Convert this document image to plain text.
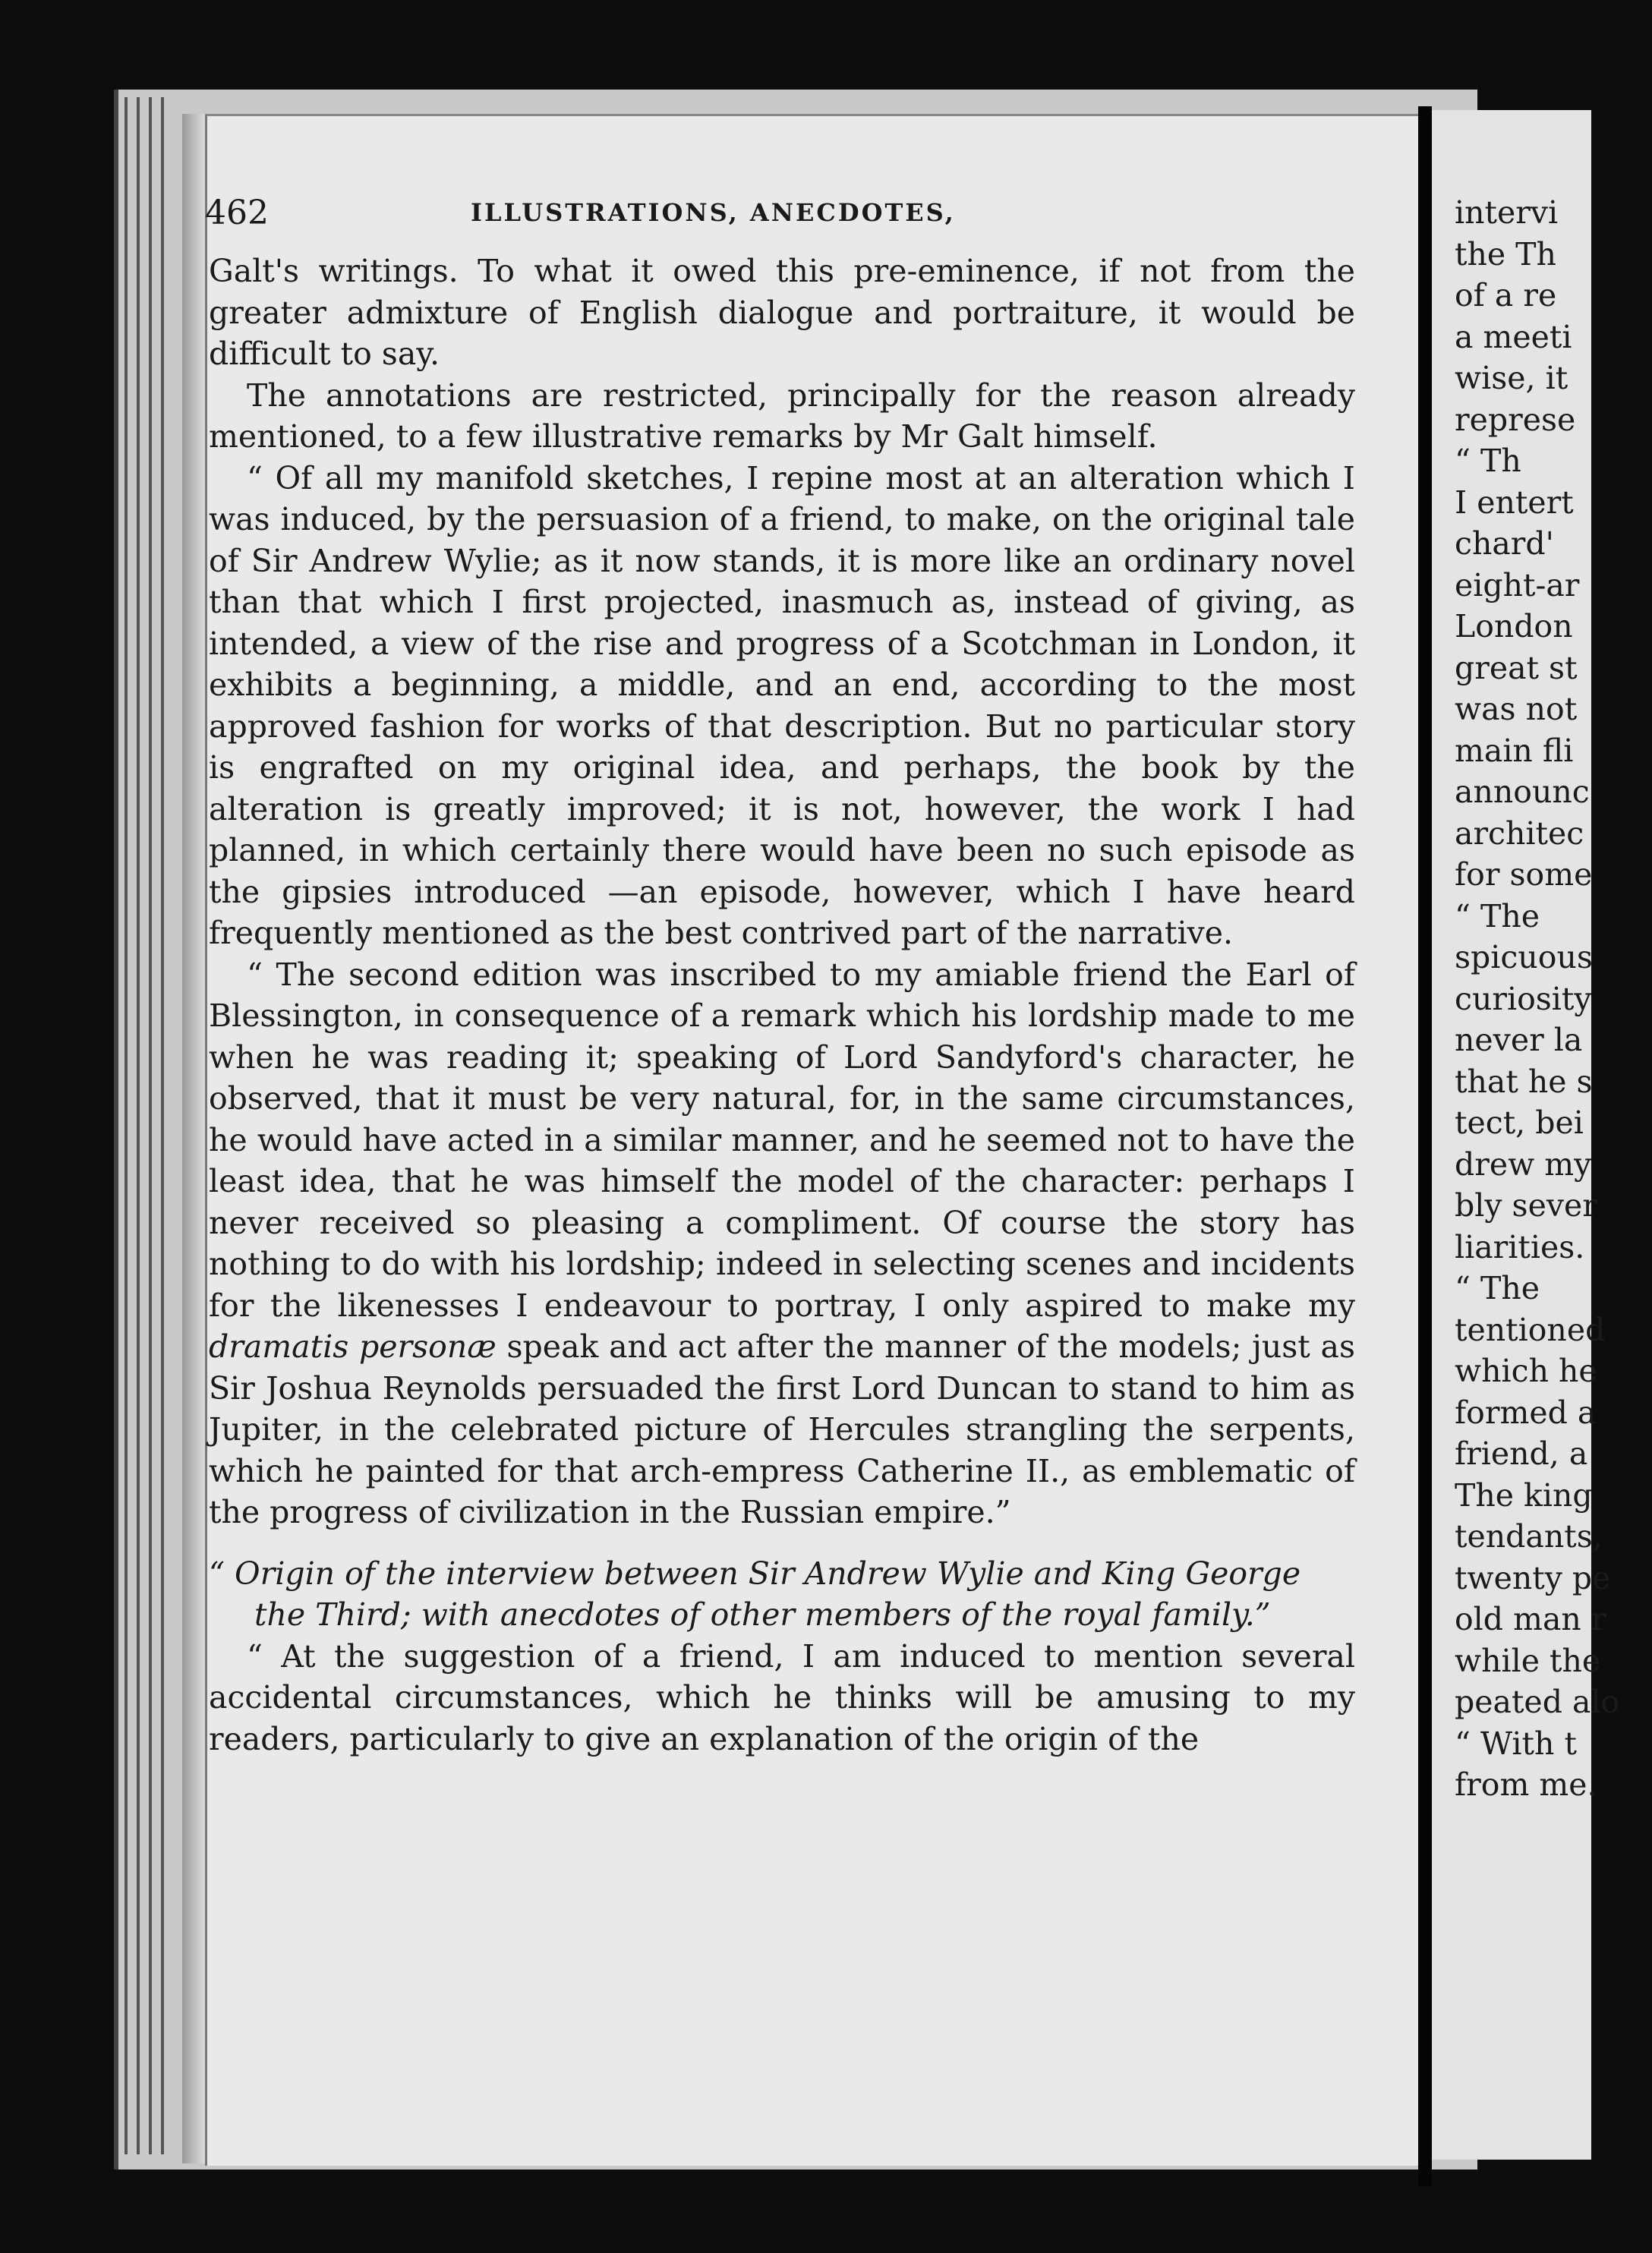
462	ILLUSTRATIONS, ANECDOTES,

Galt's writings. To what it owed this pre-eminence, if not from the greater admixture of English dialogue and portraiture, it would be difficult to say.

The annotations are restricted, principally for the reason already mentioned, to a few illustrative remarks by Mr Galt himself.

“ Of all my manifold sketches, I repine most at an alteration which I was induced, by the persuasion of a friend, to make, on the original tale of Sir Andrew Wylie; as it now stands, it is more like an ordinary novel than that which I first projected, inasmuch as, instead of giving, as intended, a view of the rise and progress of a Scotchman in London, it exhibits a beginning, a middle, and an end, according to the most approved fashion for works of that description. But no particular story is engrafted on my original idea, and perhaps, the book by the alteration is greatly improved; it is not, however, the work I had planned, in which certainly there would have been no such episode as the gipsies introduced —an episode, however, which I have heard frequently mentioned as the best contrived part of the narrative.

“ The second edition was inscribed to my amiable friend the Earl of Blessington, in consequence of a remark which his lordship made to me when he was reading it; speaking of Lord Sandyford's character, he observed, that it must be very natural, for, in the same circumstances, he would have acted in a similar manner, and he seemed not to have the least idea, that he was himself the model of the character: perhaps I never received so pleasing a compliment. Of course the story has nothing to do with his lordship; indeed in selecting scenes and incidents for the likenesses I endeavour to portray, I only aspired to make my dramatis personæ speak and act after the manner of the models; just as Sir Joshua Reynolds persuaded the first Lord Duncan to stand to him as Jupiter, in the celebrated picture of Hercules strangling the serpents, which he painted for that arch-empress Catherine II., as emblematic of the progress of civilization in the Russian empire.”

“ Origin of the interview between Sir Andrew Wylie and King George
the Third; with anecdotes of other members of the royal family.”

“ At the suggestion of a friend, I am induced to mention several accidental circumstances, which he thinks will be amusing to my readers, particularly to give an explanation of the origin of the

intervi
the Th
of a re
a meeti
wise, it
represe
“ Th
I entert
chard'
eight-ar
London
great st
was not
main fli
announc
architec
for some
“ The
spicuous
curiosity
never la
that he s
tect, bei
drew my
bly sever
liarities.
“ The
tentioned
which he
formed a
friend, a
The king
tendants,
twenty pe
old man r
while the
peated alo
“ With t
from me.
